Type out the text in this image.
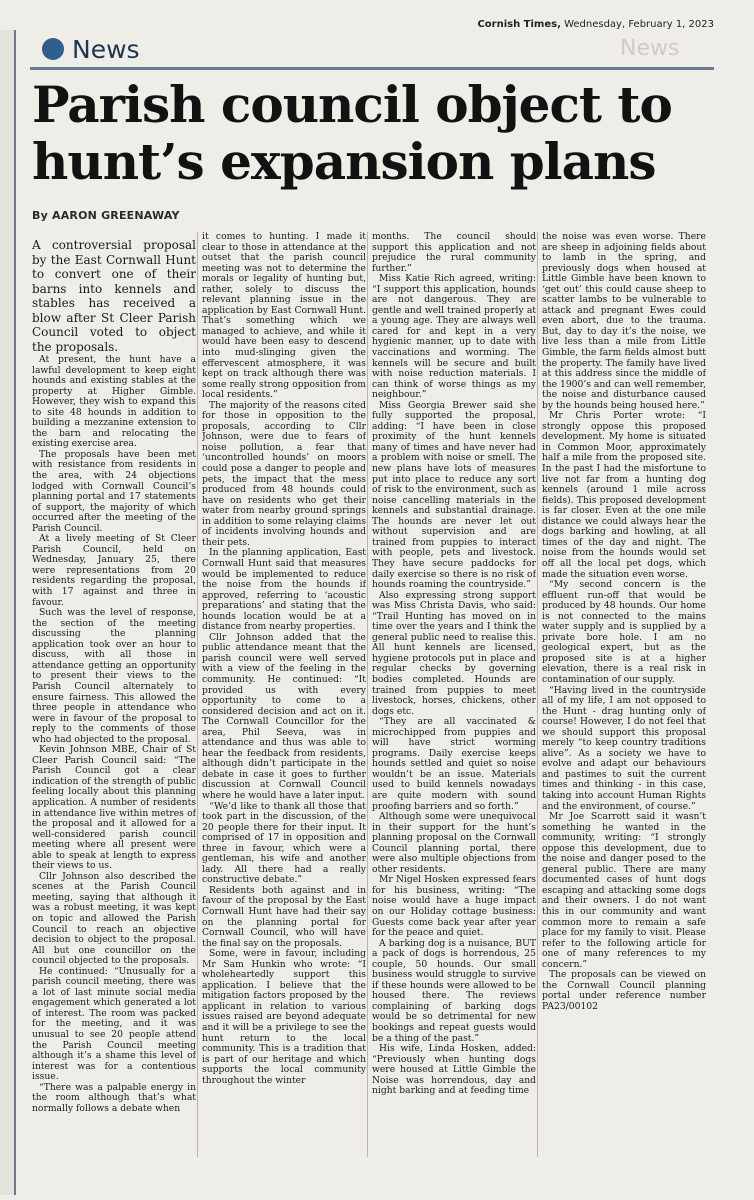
Cornish Times, Wednesday, February 1, 2023
News
News
Parish council object to hunt’s expansion plans
By AARON GREENAWAY

A controversial proposal by the East Cornwall Hunt to convert one of their barns into kennels and stables has received a blow after St Cleer Parish Council voted to object the proposals.

At present, the hunt have a lawful development to keep eight hounds and existing stables at the property at Higher Gimble. However, they wish to expand this to site 48 hounds in addition to building a mezzanine extension to the barn and relocating the existing exercise area.

The proposals have been met with resistance from residents in the area, with 24 objections lodged with Cornwall Council’s planning portal and 17 statements of support, the majority of which occurred after the meeting of the Parish Council.

At a lively meeting of St Cleer Parish Council, held on Wednesday, January 25, there were representations from 20 residents regarding the proposal, with 17 against and three in favour.

Such was the level of response, the section of the meeting discussing the planning application took over an hour to discuss, with all those in attendance getting an opportunity to present their views to the Parish Council alternately to ensure fairness. This allowed the three people in attendance who were in favour of the proposal to reply to the comments of those who had objected to the proposal.

Kevin Johnson MBE, Chair of St Cleer Parish Council said: “The Parish Council got a clear indication of the strength of public feeling locally about this planning application. A number of residents in attendance live within metres of the proposal and it allowed for a well-considered parish council meeting where all present were able to speak at length to express their views to us.

Cllr Johnson also described the scenes at the Parish Council meeting, saying that although it was a robust meeting, it was kept on topic and allowed the Parish Council to reach an objective decision to object to the proposal. All but one councillor on the council objected to the proposals.

He continued: “Unusually for a parish council meeting, there was a lot of last minute social media engagement which generated a lot of interest. The room was packed for the meeting, and it was unusual to see 20 people attend the Parish Council meeting although it’s a shame this level of interest was for a contentious issue.

“There was a palpable energy in the room although that’s what normally follows a debate when

it comes to hunting. I made it clear to those in attendance at the outset that the parish council meeting was not to determine the morals or legality of hunting but, rather, solely to discuss the relevant planning issue in the application by East Cornwall Hunt. That’s something which we managed to achieve, and while it would have been easy to descend into mud-slinging given the effervescent atmosphere, it was kept on track although there was some really strong opposition from local residents.”

The majority of the reasons cited for those in opposition to the proposals, according to Cllr Johnson, were due to fears of noise pollution, a fear that ‘uncontrolled hounds’ on moors could pose a danger to people and pets, the impact that the mess produced from 48 hounds could have on residents who get their water from nearby ground springs in addition to some relaying claims of incidents involving hounds and their pets.

In the planning application, East Cornwall Hunt said that measures would be implemented to reduce the noise from the hounds if approved, referring to ‘acoustic preparations’ and stating that the hounds location would be at a distance from nearby properties.

Cllr Johnson added that the public attendance meant that the parish council were well served with a view of the feeling in the community. He continued: “It provided us with every opportunity to come to a considered decision and act on it. The Cornwall Councillor for the area, Phil Seeva, was in attendance and thus was able to hear the feedback from residents, although didn’t participate in the debate in case it goes to further discussion at Cornwall Council where he would have a later input.

“We’d like to thank all those that took part in the discussion, of the 20 people there for their input. It comprised of 17 in opposition and three in favour, which were a gentleman, his wife and another lady. All there had a really constructive debate.”

Residents both against and in favour of the proposal by the East Cornwall Hunt have had their say on the planning portal for Cornwall Council, who will have the final say on the proposals.

Some, were in favour, including Mr Sam Hunkin who wrote: “I wholeheartedly support this application. I believe that the mitigation factors proposed by the applicant in relation to various issues raised are beyond adequate and it will be a privilege to see the hunt return to the local community. This is a tradition that is part of our heritage and which supports the local community throughout the winter

months. The council should support this application and not prejudice the rural community further.”

Miss Katie Rich agreed, writing: “I support this application, hounds are not dangerous. They are gentle and well trained properly at a young age. They are always well cared for and kept in a very hygienic manner, up to date with vaccinations and worming. The kennels will be secure and built with noise reduction materials. I can think of worse things as my neighbour.”

Miss Georgia Brewer said she fully supported the proposal, adding: “I have been in close proximity of the hunt kennels many of times and have never had a problem with noise or smell. The new plans have lots of measures put into place to reduce any sort of risk to the environment, such as noise cancelling materials in the kennels and substantial drainage. The hounds are never let out without supervision and are trained from puppies to interact with people, pets and livestock. They have secure paddocks for daily exercise so there is no risk of hounds roaming the countryside.”

Also expressing strong support was Miss Christa Davis, who said: “Trail Hunting has moved on in time over the years and I think the general public need to realise this. All hunt kennels are licensed, hygiene protocols put in place and regular checks by governing bodies completed. Hounds are trained from puppies to meet livestock, horses, chickens, other dogs etc.

“They are all vaccinated & microchipped from puppies and will have strict worming programs. Daily exercise keeps hounds settled and quiet so noise wouldn’t be an issue. Materials used to build kennels nowadays are quite modern with sound proofing barriers and so forth.”

Although some were unequivocal in their support for the hunt’s planning proposal on the Cornwall Council planning portal, there were also multiple objections from other residents.

Mr Nigel Hosken expressed fears for his business, writing: “The noise would have a huge impact on our Holiday cottage business: Guests come back year after year for the peace and quiet.

A barking dog is a nuisance, BUT a pack of dogs is horrendous, 25 couple, 50 hounds. Our small business would struggle to survive if these hounds were allowed to be housed there. The reviews complaining of barking dogs would be so detrimental for new bookings and repeat guests would be a thing of the past.”

His wife, Linda Hosken, added: “Previously when hunting dogs were housed at Little Gimble the Noise was horrendous, day and night barking and at feeding time

the noise was even worse. There are sheep in adjoining fields about to lamb in the spring, and previously dogs when housed at Little Gimble have been known to ‘get out’ this could cause sheep to scatter lambs to be vulnerable to attack and pregnant Ewes could even abort, due to the trauma. But, day to day it’s the noise, we live less than a mile from Little Gimble, the farm fields almost butt the property. The family have lived at this address since the middle of the 1900’s and can well remember, the noise and disturbance caused by the hounds being housed here.”

Mr Chris Porter wrote: “I strongly oppose this proposed development. My home is situated in Common Moor, approximately half a mile from the proposed site. In the past I had the misfortune to live not far from a hunting dog kennels (around 1 mile across fields). This proposed development is far closer. Even at the one mile distance we could always hear the dogs barking and howling, at all times of the day and night. The noise from the hounds would set off all the local pet dogs, which made the situation even worse.

“My second concern is the effluent run-off that would be produced by 48 hounds. Our home is not connected to the mains water supply and is supplied by a private bore hole. I am no geological expert, but as the proposed site is at a higher elevation, there is a real risk in contamination of our supply.

“Having lived in the countryside all of my life, I am not opposed to the Hunt - drag hunting only of course! However, I do not feel that we should support this proposal merely “to keep country traditions alive”. As a society we have to evolve and adapt our behaviours and pastimes to suit the current times and thinking - in this case, taking into account Human Rights and the environment, of course.”

Mr Joe Scarrott said it wasn’t something he wanted in the community, writing: “I strongly oppose this development, due to the noise and danger posed to the general public. There are many documented cases of hunt dogs escaping and attacking some dogs and their owners. I do not want this in our community and want common more to remain a safe place for my family to visit. Please refer to the following article for one of many references to my concern.”

The proposals can be viewed on the Cornwall Council planning portal under reference number PA23/00102
